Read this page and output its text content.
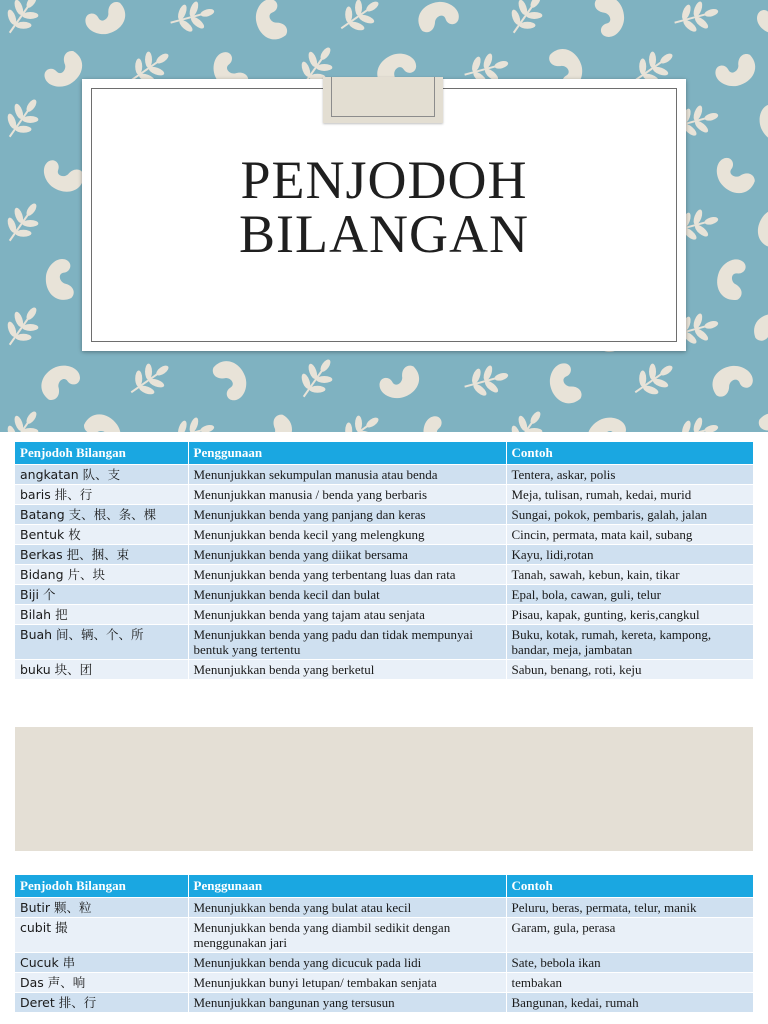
PENJODOH
BILANGAN
Penjodoh Bilangan	Penggunaan	Contoh
angkatan 队、支	Menunjukkan sekumpulan manusia atau benda	Tentera, askar, polis
baris 排、行	Menunjukkan manusia / benda yang berbaris	Meja, tulisan, rumah, kedai, murid
Batang 支、根、条、棵	Menunjukkan benda yang panjang dan keras	Sungai, pokok, pembaris, galah, jalan
Bentuk 枚	Menunjukkan benda kecil yang melengkung	Cincin, permata, mata kail, subang
Berkas 把、捆、束	Menunjukkan benda yang diikat bersama	Kayu, lidi,rotan
Bidang 片、块	Menunjukkan benda yang terbentang luas dan rata	Tanah, sawah, kebun, kain, tikar
Biji 个	Menunjukkan benda kecil dan bulat	Epal, bola, cawan, guli, telur
Bilah 把	Menunjukkan benda yang tajam atau senjata	Pisau, kapak, gunting, keris,cangkul
Buah 间、辆、个、所	Menunjukkan benda yang padu dan tidak mempunyai bentuk yang tertentu	Buku, kotak, rumah, kereta, kampong, bandar, meja, jambatan
buku 块、团	Menunjukkan benda yang berketul	Sabun, benang, roti, keju
Penjodoh Bilangan	Penggunaan	Contoh
Butir 颗、粒	Menunjukkan benda yang bulat atau kecil	Peluru, beras, permata, telur, manik
cubit 撮	Menunjukkan benda yang diambil sedikit dengan menggunakan jari	Garam, gula, perasa
Cucuk 串	Menunjukkan benda yang dicucuk pada lidi	Sate, bebola ikan
Das 声、响	Menunjukkan bunyi letupan/ tembakan senjata	tembakan
Deret 排、行	Menunjukkan bangunan yang tersusun	Bangunan, kedai, rumah
